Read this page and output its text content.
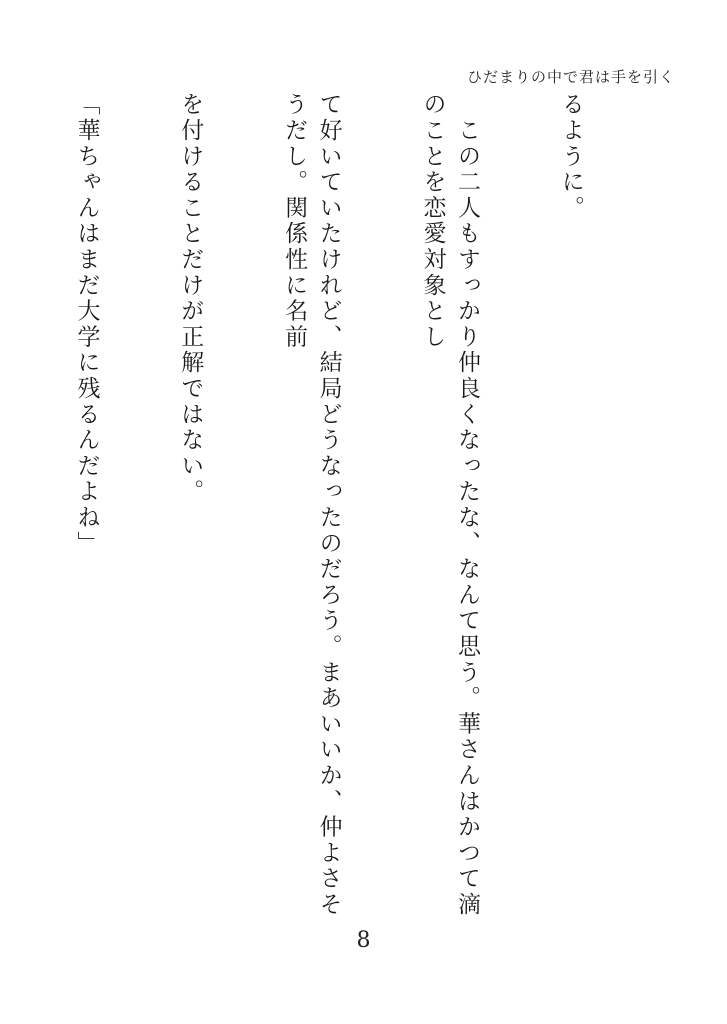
ひだまりの中で君は手を引く

るように。

　この二人もすっかり仲良くなったな、なんて思う。華さんはかつて滴のことを恋愛対象とし

て好いていたけれど、結局どうなったのだろう。まあいいか、仲よさそうだし。関係性に名前

を付けることだけが正解ではない。

「華ちゃんはまだ大学に残るんだよね」

8
